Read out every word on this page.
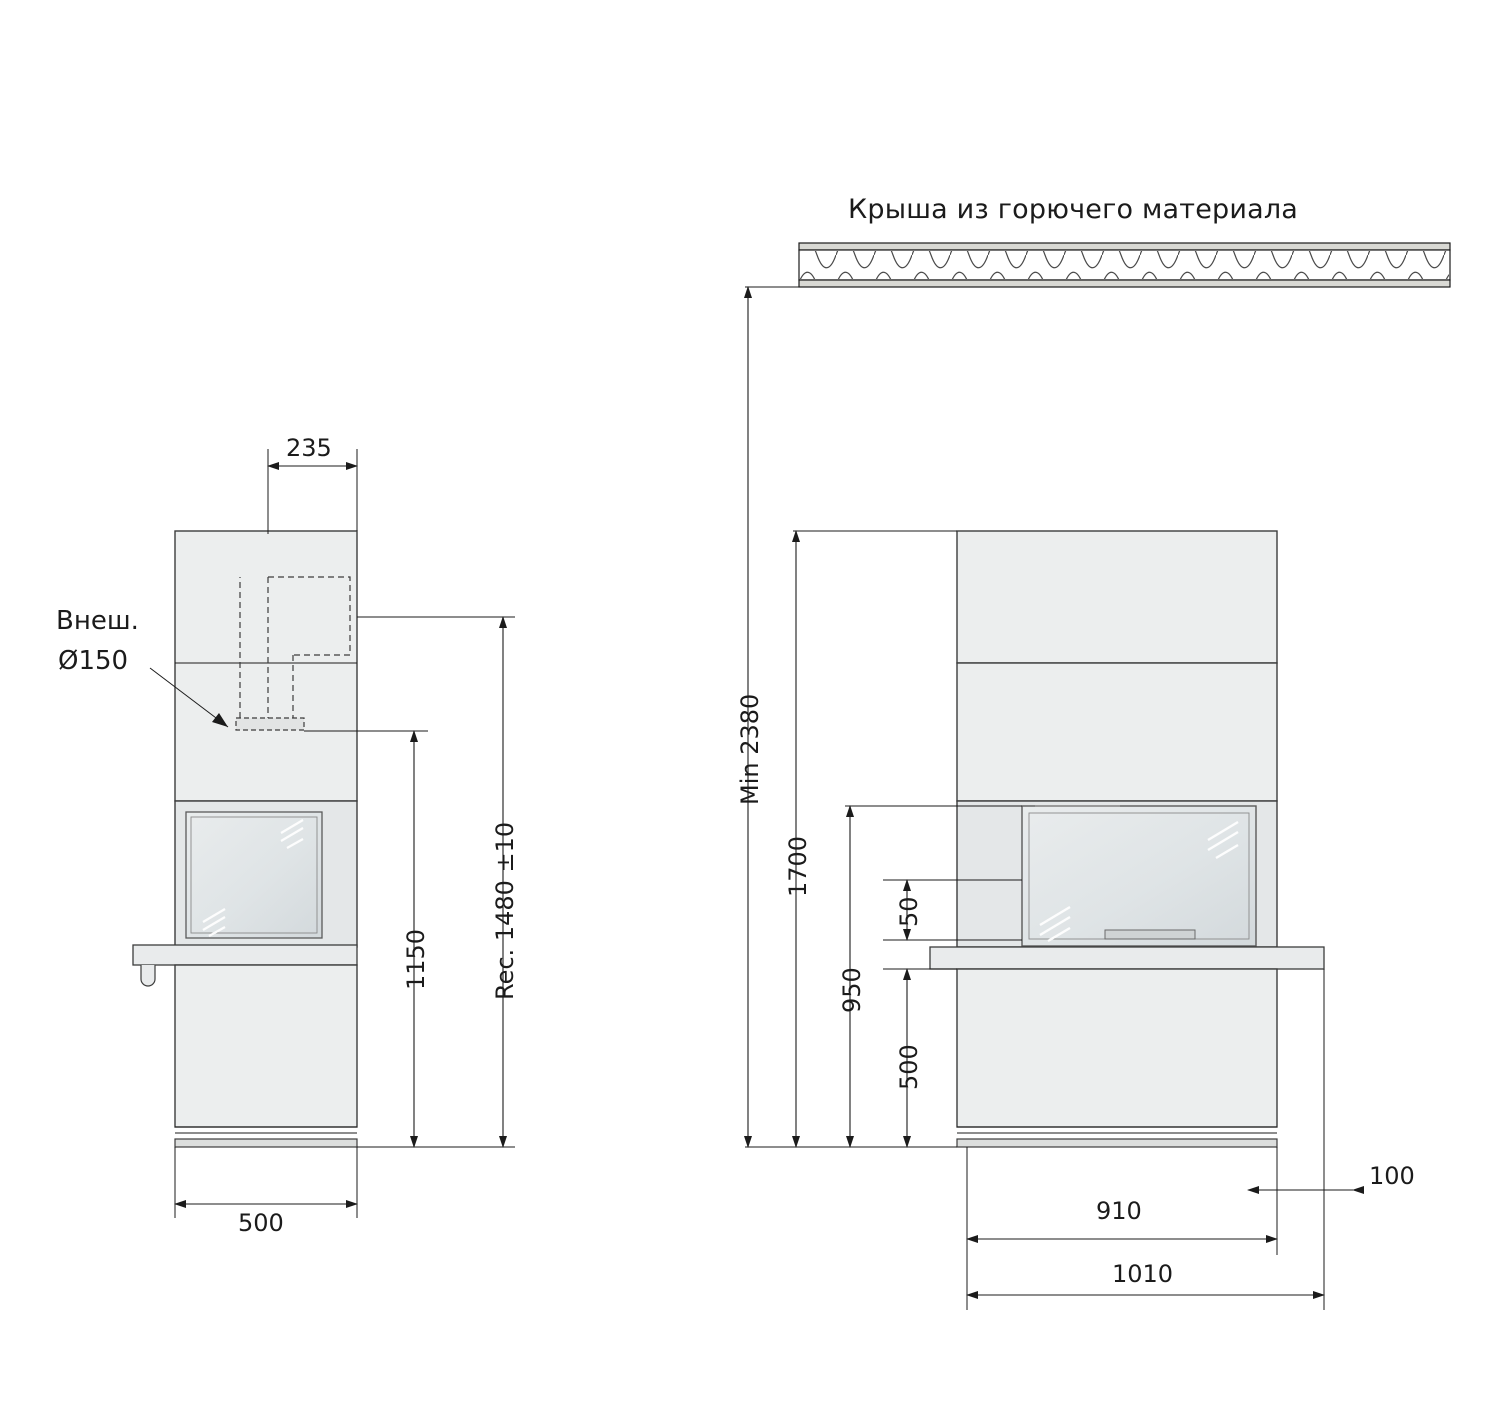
Крыша из горючего материала
Внеш.
Ø150
235
1150	Rec. 1480 ±10
500
Min 2380
1700
950
50
500
910
1010
100
